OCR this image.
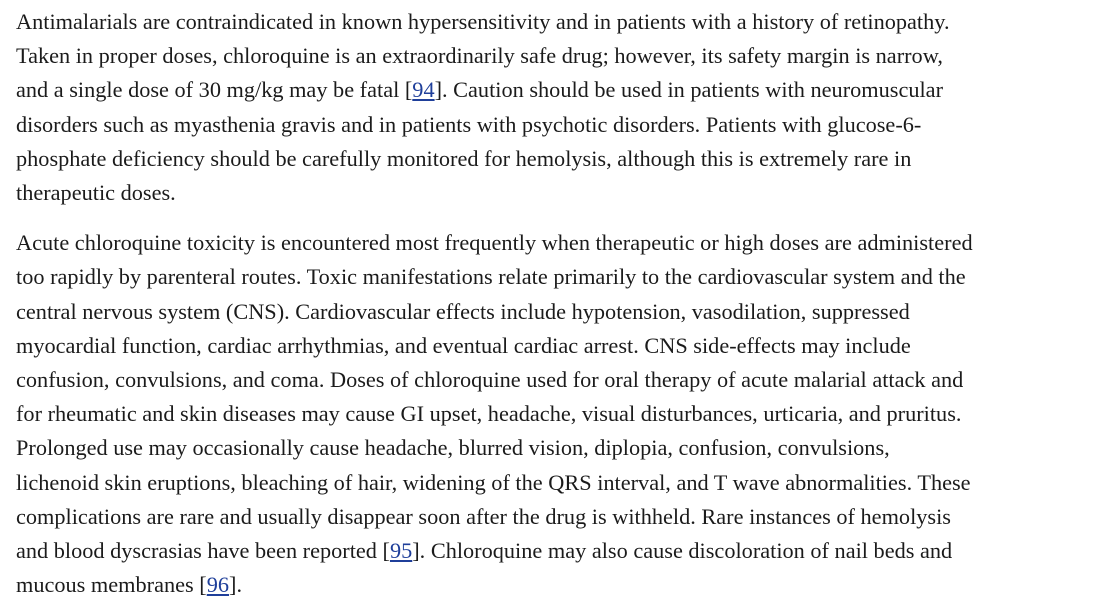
Antimalarials are contraindicated in known hypersensitivity and in patients with a history of retinopathy.
Taken in proper doses, chloroquine is an extraordinarily safe drug; however, its safety margin is narrow,
and a single dose of 30 mg/kg may be fatal [94]. Caution should be used in patients with neuromuscular
disorders such as myasthenia gravis and in patients with psychotic disorders. Patients with glucose-6-
phosphate deficiency should be carefully monitored for hemolysis, although this is extremely rare in
therapeutic doses.

Acute chloroquine toxicity is encountered most frequently when therapeutic or high doses are administered
too rapidly by parenteral routes. Toxic manifestations relate primarily to the cardiovascular system and the
central nervous system (CNS). Cardiovascular effects include hypotension, vasodilation, suppressed
myocardial function, cardiac arrhythmias, and eventual cardiac arrest. CNS side-effects may include
confusion, convulsions, and coma. Doses of chloroquine used for oral therapy of acute malarial attack and
for rheumatic and skin diseases may cause GI upset, headache, visual disturbances, urticaria, and pruritus.
Prolonged use may occasionally cause headache, blurred vision, diplopia, confusion, convulsions,
lichenoid skin eruptions, bleaching of hair, widening of the QRS interval, and T wave abnormalities. These
complications are rare and usually disappear soon after the drug is withheld. Rare instances of hemolysis
and blood dyscrasias have been reported [95]. Chloroquine may also cause discoloration of nail beds and
mucous membranes [96].
